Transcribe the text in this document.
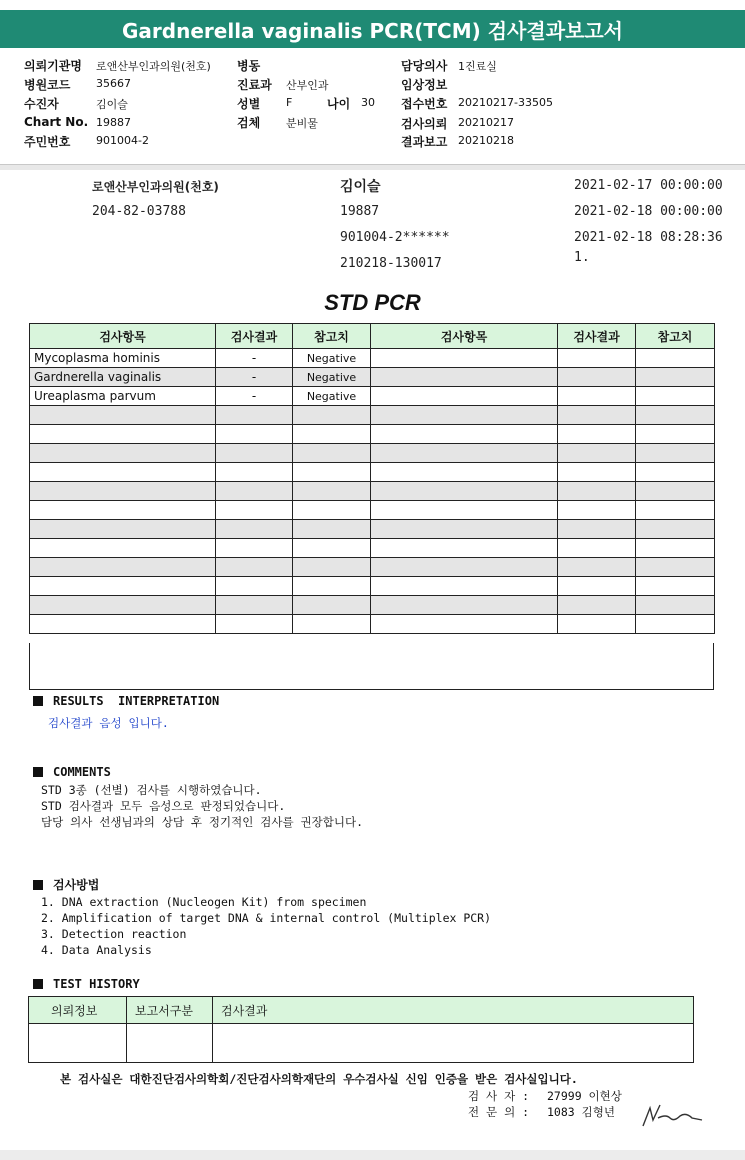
Gardnerella vaginalis PCR(TCM) 검사결과보고서
의뢰기관명 로앤산부인과의원(천호)
병원코드 35667
수진자	김이슬
Chart No. 19887
주민번호 901004-2
병동
진료과 산부인과
성별 F	나이 30
검체 분비물
담당의사 1진료실
임상정보
접수번호 20210217-33505
검사의뢰 20210217
결과보고 20210218
로앤산부인과의원(천호)
204-82-03788
김이슬
19887
901004-2******
210218-130017
2021-02-17 00:00:00
2021-02-18 00:00:00
2021-02-18 08:28:36
1.
STD PCR
검사항목	검사결과	참고치	검사항목	검사결과	참고치
Mycoplasma hominis	-	Negative			
Gardnerella vaginalis	-	Negative			
Ureaplasma parvum	-	Negative			

RESULTS  INTERPRETATION
검사결과 음성 입니다.
COMMENTS
STD 3종 (선별) 검사를 시행하였습니다.
STD 검사결과 모두 음성으로 판정되었습니다.
담당 의사 선생님과의 상담 후 정기적인 검사를 권장합니다.
검사방법
1. DNA extraction (Nucleogen Kit) from specimen
2. Amplification of target DNA & internal control (Multiplex PCR)
3. Detection reaction
4. Data Analysis
TEST HISTORY
의뢰정보	보고서구분	검사결과

본 검사실은 대한진단검사의학회/진단검사의학재단의 우수검사실 신임 인증을 받은 검사실입니다.
검 사 자 : 27999 이현상
전 문 의 : 1083 김형년
